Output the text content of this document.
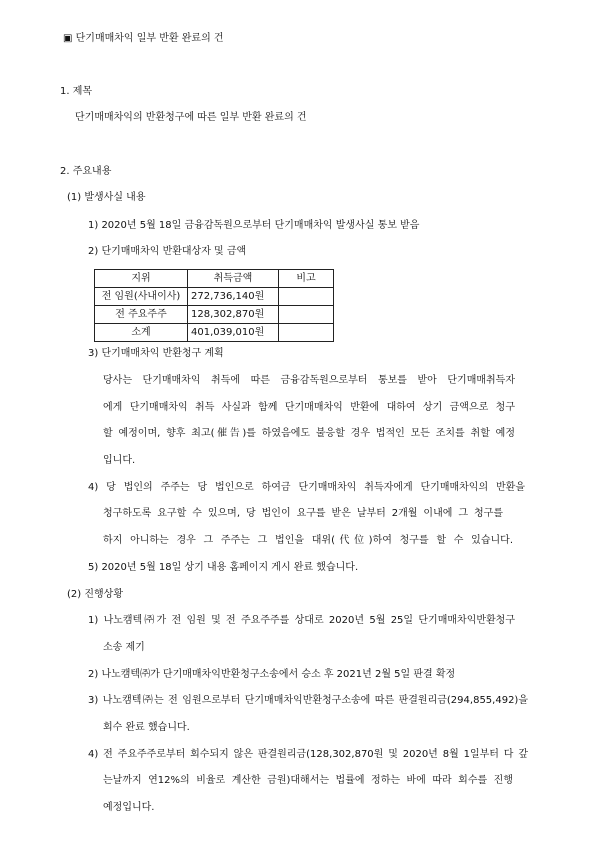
▣ 단기매매차익 일부 반환 완료의 건
1. 제목
단기매매차익의 반환청구에 따른 일부 반환 완료의 건
2. 주요내용
(1) 발생사실 내용
1) 2020년 5월 18일 금융감독원으로부터 단기매매차익 발생사실 통보 받음
2) 단기매매차익 반환대상자 및 금액
지위	취득금액	비고
전 임원(사내이사)	272,736,140원	
전 주요주주	128,302,870원	
소계	401,039,010원	
3) 단기매매차익 반환청구 계획
당사는 단기매매차익 취득에 따른 금융감독원으로부터 통보를 받아 단기매매취득자
에게 단기매매차익 취득 사실과 함께 단기매매차익 반환에 대하여 상기 금액으로 청구
할 예정이며, 향후 최고(催告)를 하였음에도 불응할 경우 법적인 모든 조치를 취할 예정
입니다.
4) 당 법인의 주주는 당 법인으로 하여금 단기매매차익 취득자에게 단기매매차익의 반환을
청구하도록 요구할 수 있으며, 당 법인이 요구를 받은 날부터 2개월 이내에 그 청구를
하지 아니하는 경우 그 주주는 그 법인을 대위(代位)하여 청구를 할 수 있습니다.
5) 2020년 5월 18일 상기 내용 홈페이지 게시 완료 했습니다.
(2) 진행상황
1) 나노캠텍㈜가 전 임원 및 전 주요주주를 상대로 2020년 5월 25일 단기매매차익반환청구
소송 제기
2) 나노캠텍㈜가 단기매매차익반환청구소송에서 승소 후 2021년 2월 5일 판결 확정
3) 나노캠텍㈜는 전 임원으로부터 단기매매차익반환청구소송에 따른 판결원리금(294,855,492)을
회수 완료 했습니다.
4) 전 주요주주로부터 회수되지 않은 판결원리금(128,302,870원 및 2020년 8월 1일부터 다 갚
는날까지 연12%의 비율로 계산한 금원)대해서는 법률에 정하는 바에 따라 회수를 진행
예정입니다.
